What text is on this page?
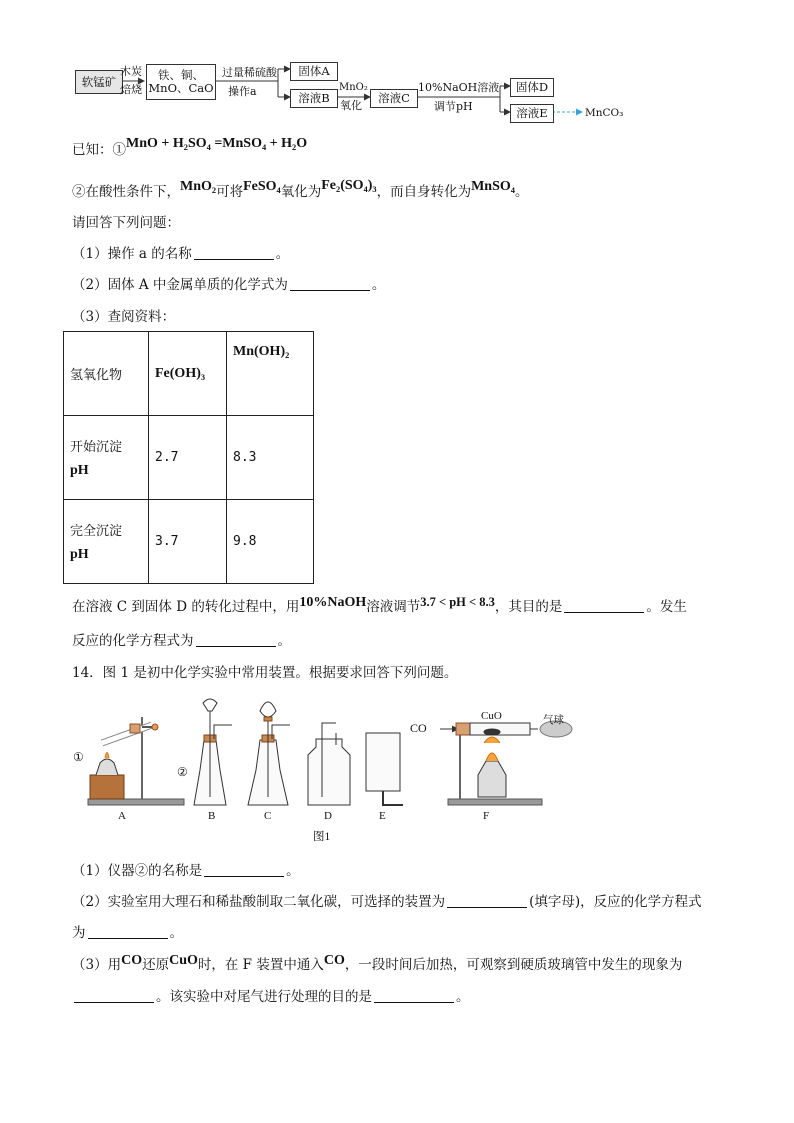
软锰矿
木炭
焙烧
铁、铜、
MnO、CaO
过量稀硫酸
操作a
固体A
溶液B
MnO₂
氧化
溶液C
10%NaOH溶液
调节pH
固体D
溶液E	MnCO₃
已知：①MnO + H₂SO₄ =MnSO₄ + H₂O
②在酸性条件下，MnO₂可将FeSO₄氧化为Fe₂(SO₄)₃，而自身转化为MnSO₄。
请回答下列问题：
（1）操作 a 的名称	。
（2）固体 A 中金属单质的化学式为	。
（3）查阅资料：
氢氧化物	Fe(OH)₃	Mn(OH)₂

开始沉淀
pH	2.7	8.3

完全沉淀
pH	3.7	9.8
在溶液 C 到固体 D 的转化过程中，用10%NaOH溶液调节3.7 < pH < 8.3，其目的是	。发生
反应的化学方程式为	。
14．图 1 是初中化学实验中常用装置。根据要求回答下列问题。
①
②
CO
CuO	气球
A	B	C	D	E	F
图1
（1）仪器②的名称是	。
（2）实验室用大理石和稀盐酸制取二氧化碳，可选择的装置为	(填字母)，反应的化学方程式
为	。
（3）用CO还原CuO时，在 F 装置中通入CO，一段时间后加热，可观察到硬质玻璃管中发生的现象为
。该实验中对尾气进行处理的目的是	。
